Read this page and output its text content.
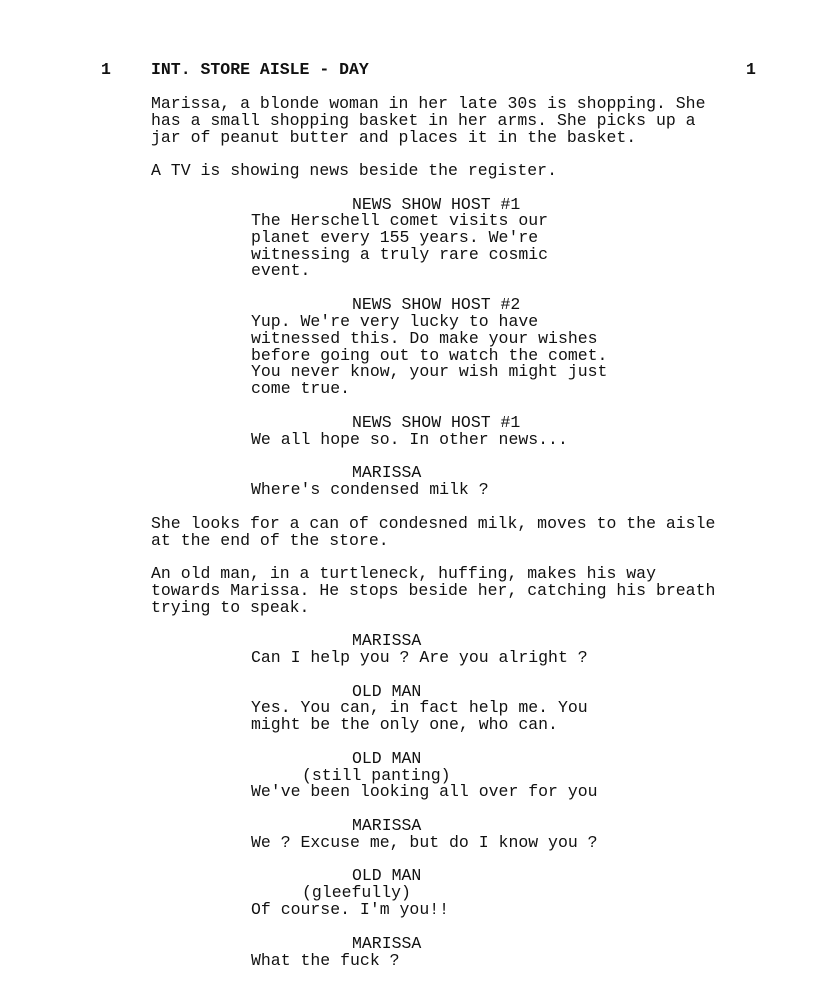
1 INT. STORE AISLE - DAY	1
Marissa, a blonde woman in her late 30s is shopping. She
has a small shopping basket in her arms. She picks up a
jar of peanut butter and places it in the basket.
A TV is showing news beside the register.
NEWS SHOW HOST #1
The Herschell comet visits our
planet every 155 years. We're
witnessing a truly rare cosmic
event.
NEWS SHOW HOST #2
Yup. We're very lucky to have
witnessed this. Do make your wishes
before going out to watch the comet.
You never know, your wish might just
come true.
NEWS SHOW HOST #1
We all hope so. In other news...
MARISSA
Where's condensed milk ?
She looks for a can of condesned milk, moves to the aisle
at the end of the store.
An old man, in a turtleneck, huffing, makes his way
towards Marissa. He stops beside her, catching his breath
trying to speak.
MARISSA
Can I help you ? Are you alright ?
OLD MAN
Yes. You can, in fact help me. You
might be the only one, who can.
OLD MAN
(still panting)
We've been looking all over for you
MARISSA
We ? Excuse me, but do I know you ?
OLD MAN
(gleefully)
Of course. I'm you!!
MARISSA
What the fuck ?
